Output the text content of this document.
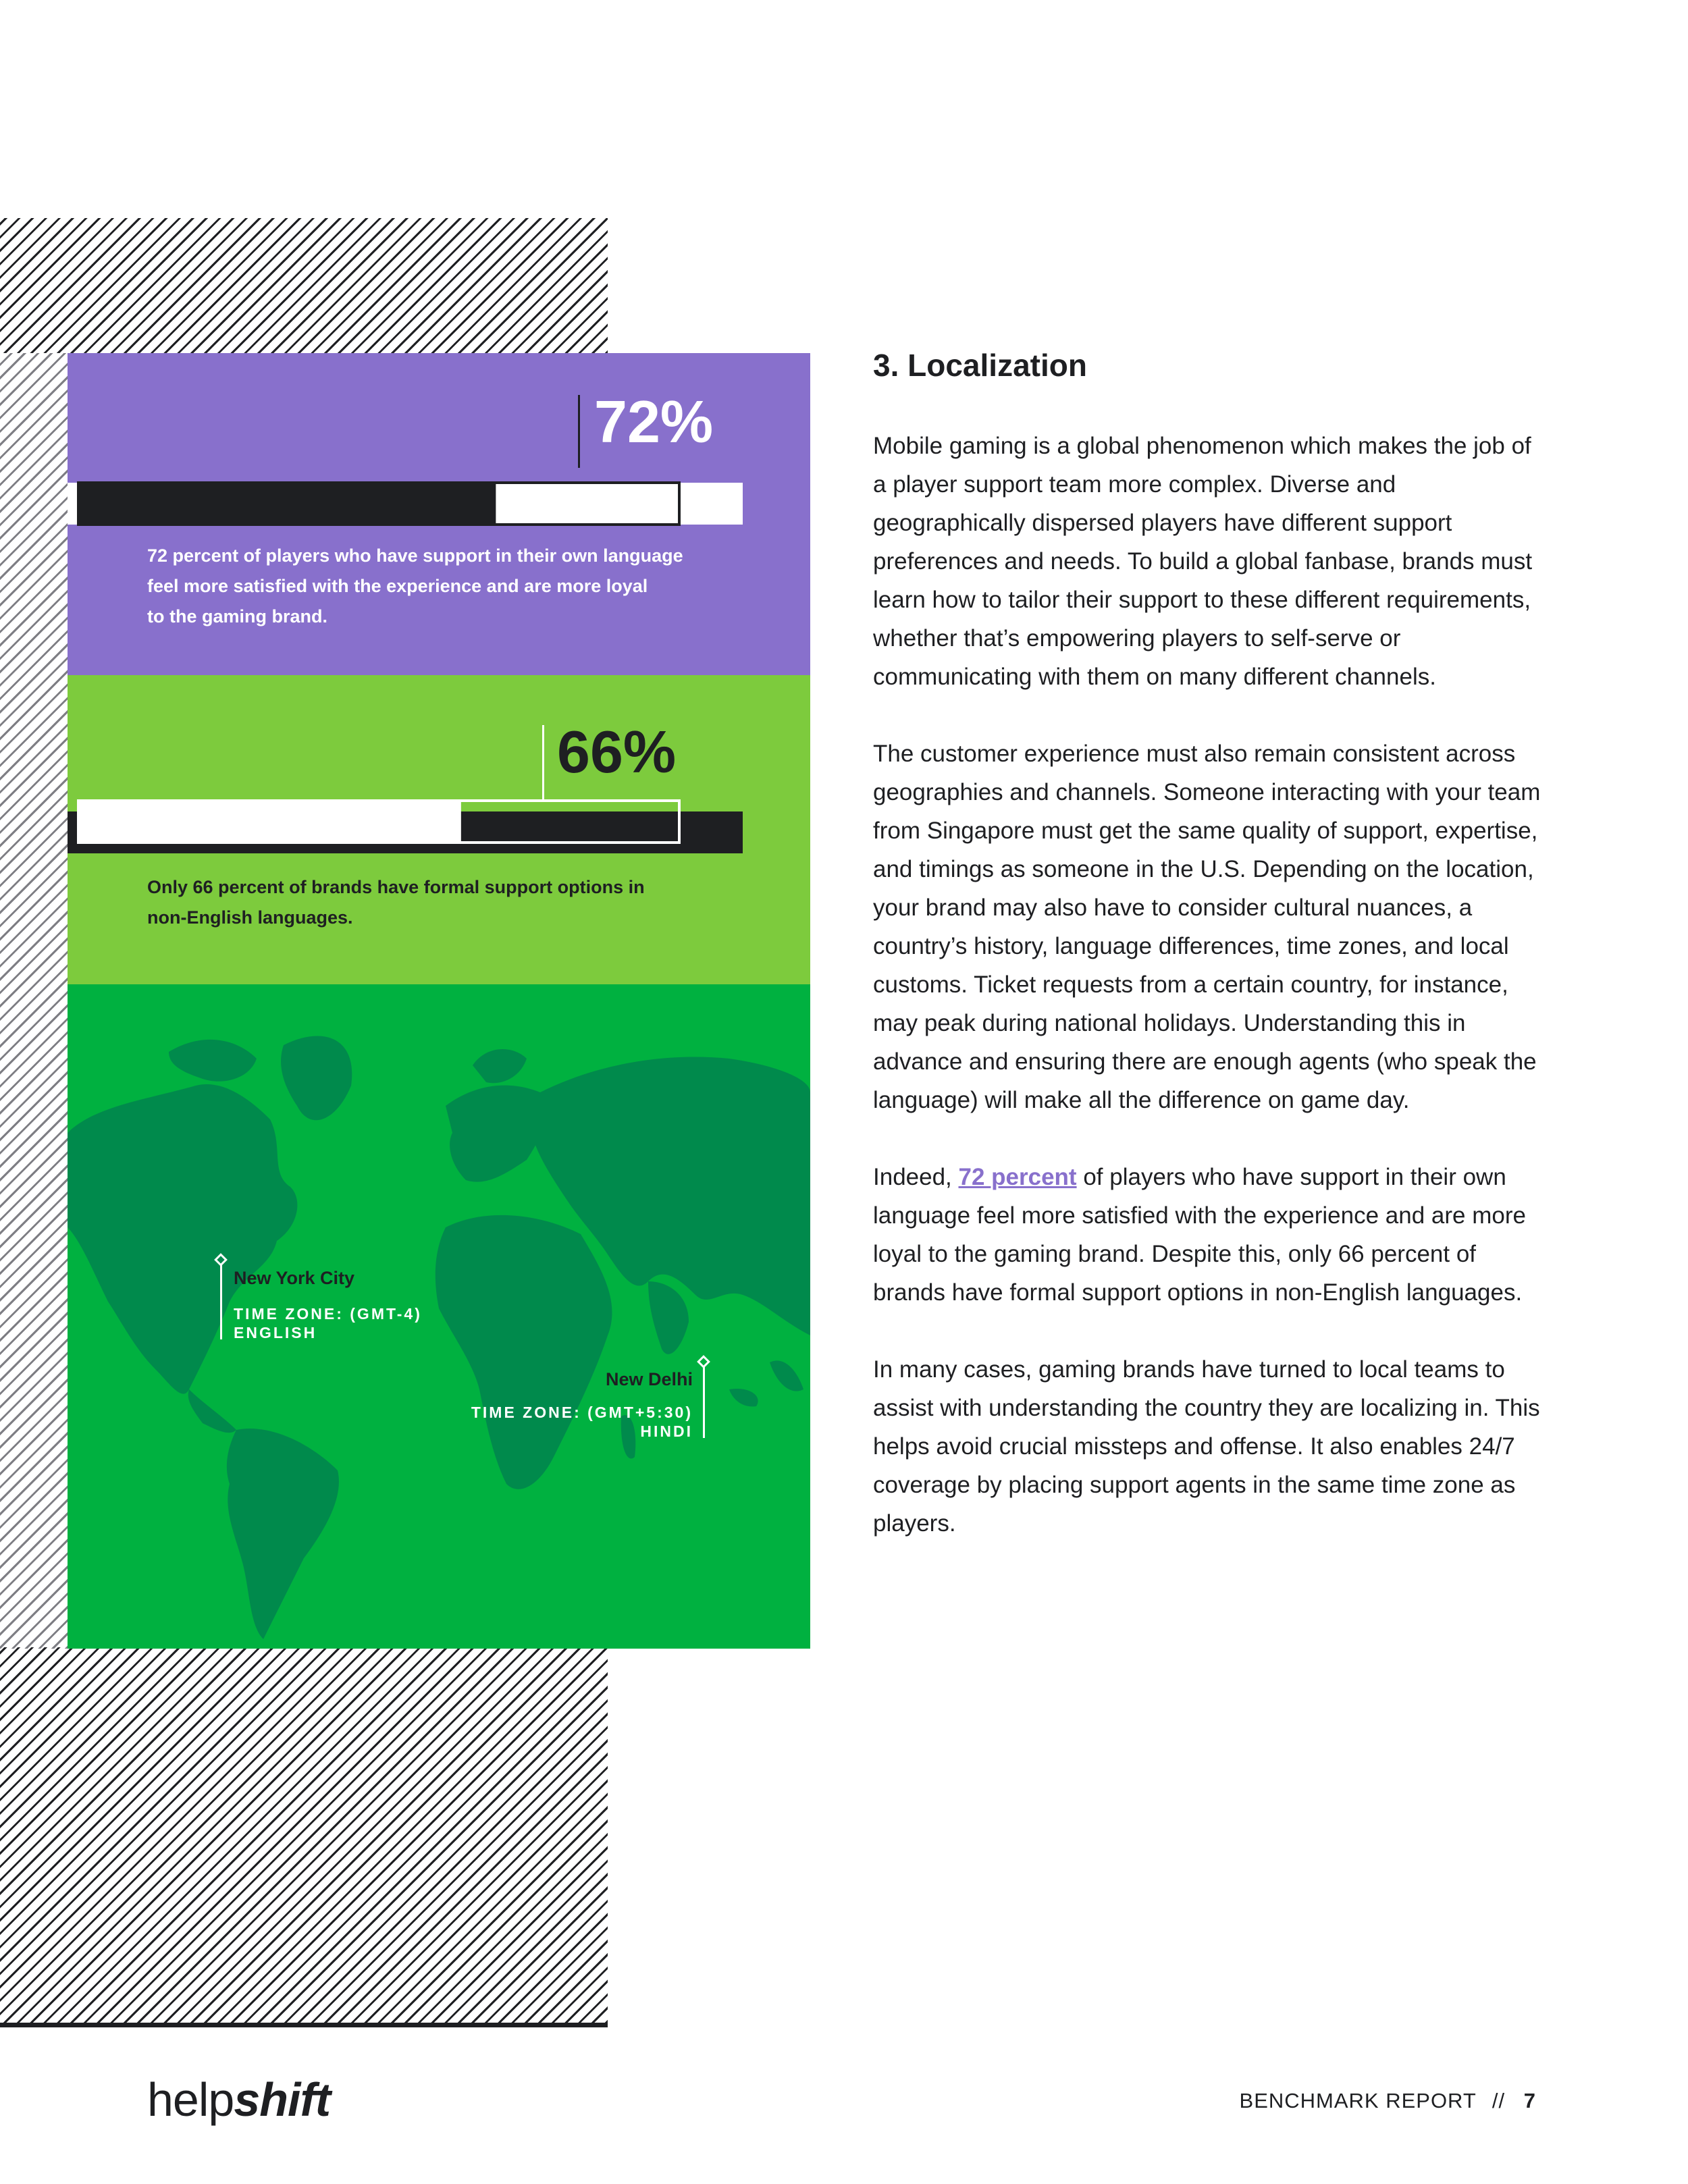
72%
72 percent of players who have support in their own language
feel more satisfied with the experience and are more loyal
to the gaming brand.
66%
Only 66 percent of brands have formal support options in
non-English languages.
New York City
TIME ZONE: (GMT-4)
ENGLISH
New Delhi
TIME ZONE: (GMT+5:30)
HINDI
3. Localization

Mobile gaming is a global phenomenon which makes the job of a player support team more complex. Diverse and geographically dispersed players have different support preferences and needs. To build a global fanbase, brands must learn how to tailor their support to these different requirements, whether that’s empowering players to self-serve or communicating with them on many different channels.

The customer experience must also remain consistent across geographies and channels. Someone interacting with your team from Singapore must get the same quality of support, expertise, and timings as someone in the U.S. Depending on the location, your brand may also have to consider cultural nuances, a country’s history, language differences, time zones, and local customs. Ticket requests from a certain country, for instance, may peak during national holidays. Understanding this in advance and ensuring there are enough agents (who speak the language) will make all the difference on game day.

Indeed, 72 percent of players who have support in their own language feel more satisfied with the experience and are more loyal to the gaming brand. Despite this, only 66 percent of brands have formal support options in non-English languages.

In many cases, gaming brands have turned to local teams to assist with understanding the country they are localizing in. This helps avoid crucial missteps and offense. It also enables 24/7 coverage by placing support agents in the same time zone as players.

helpshift	BENCHMARK REPORT // 7
